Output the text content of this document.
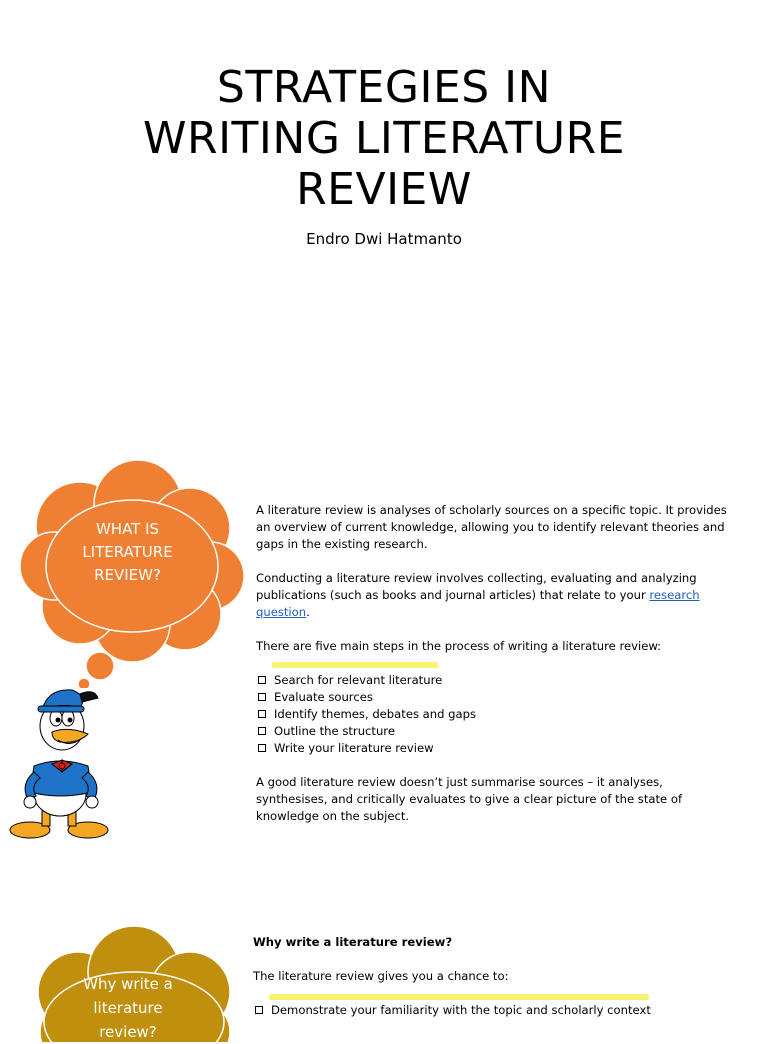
STRATEGIES IN
WRITING LITERATURE
REVIEW
Endro Dwi Hatmanto
WHAT IS
LITERATURE
REVIEW?

A literature review is analyses of scholarly sources on a specific topic. It provides an overview of current knowledge, allowing you to identify relevant theories and gaps in the existing research.

Conducting a literature review involves collecting, evaluating and analyzing publications (such as books and journal articles) that relate to your research question.

There are five main steps in the process of writing a literature review:

Search for relevant literature
Evaluate sources
Identify themes, debates and gaps
Outline the structure
Write your literature review

A good literature review doesn’t just summarise sources – it analyses, synthesises, and critically evaluates to give a clear picture of the state of knowledge on the subject.

Why write a
literature
review?

Why write a literature review?

The literature review gives you a chance to:

Demonstrate your familiarity with the topic and scholarly context
